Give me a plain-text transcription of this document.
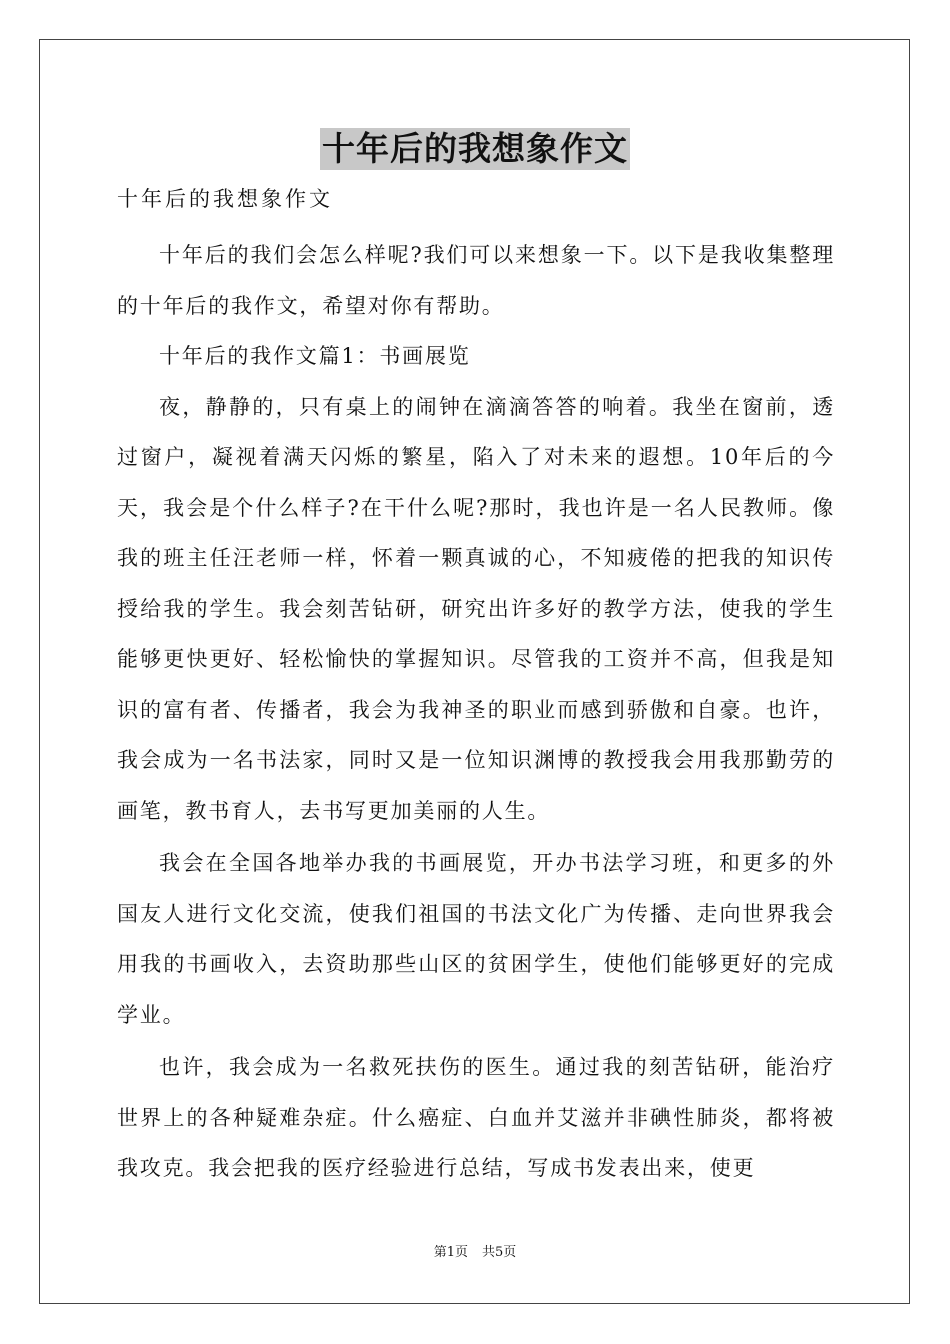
十年后的我想象作文
十年后的我想象作文

十年后的我们会怎么样呢?我们可以来想象一下。以下是我收集整理的十年后的我作文，希望对你有帮助。

十年后的我作文篇1：书画展览

夜，静静的，只有桌上的闹钟在滴滴答答的响着。我坐在窗前，透过窗户，凝视着满天闪烁的繁星，陷入了对未来的遐想。10年后的今天，我会是个什么样子?在干什么呢?那时，我也许是一名人民教师。像我的班主任汪老师一样，怀着一颗真诚的心，不知疲倦的把我的知识传授给我的学生。我会刻苦钻研，研究出许多好的教学方法，使我的学生能够更快更好、轻松愉快的掌握知识。尽管我的工资并不高，但我是知识的富有者、传播者，我会为我神圣的职业而感到骄傲和自豪。也许，我会成为一名书法家，同时又是一位知识渊博的教授我会用我那勤劳的画笔，教书育人，去书写更加美丽的人生。

我会在全国各地举办我的书画展览，开办书法学习班，和更多的外国友人进行文化交流，使我们祖国的书法文化广为传播、走向世界我会用我的书画收入，去资助那些山区的贫困学生，使他们能够更好的完成学业。

也许，我会成为一名救死扶伤的医生。通过我的刻苦钻研，能治疗世界上的各种疑难杂症。什么癌症、白血并艾滋并非碘性肺炎，都将被我攻克。我会把我的医疗经验进行总结，写成书发表出来，使更

第1页 共5页
